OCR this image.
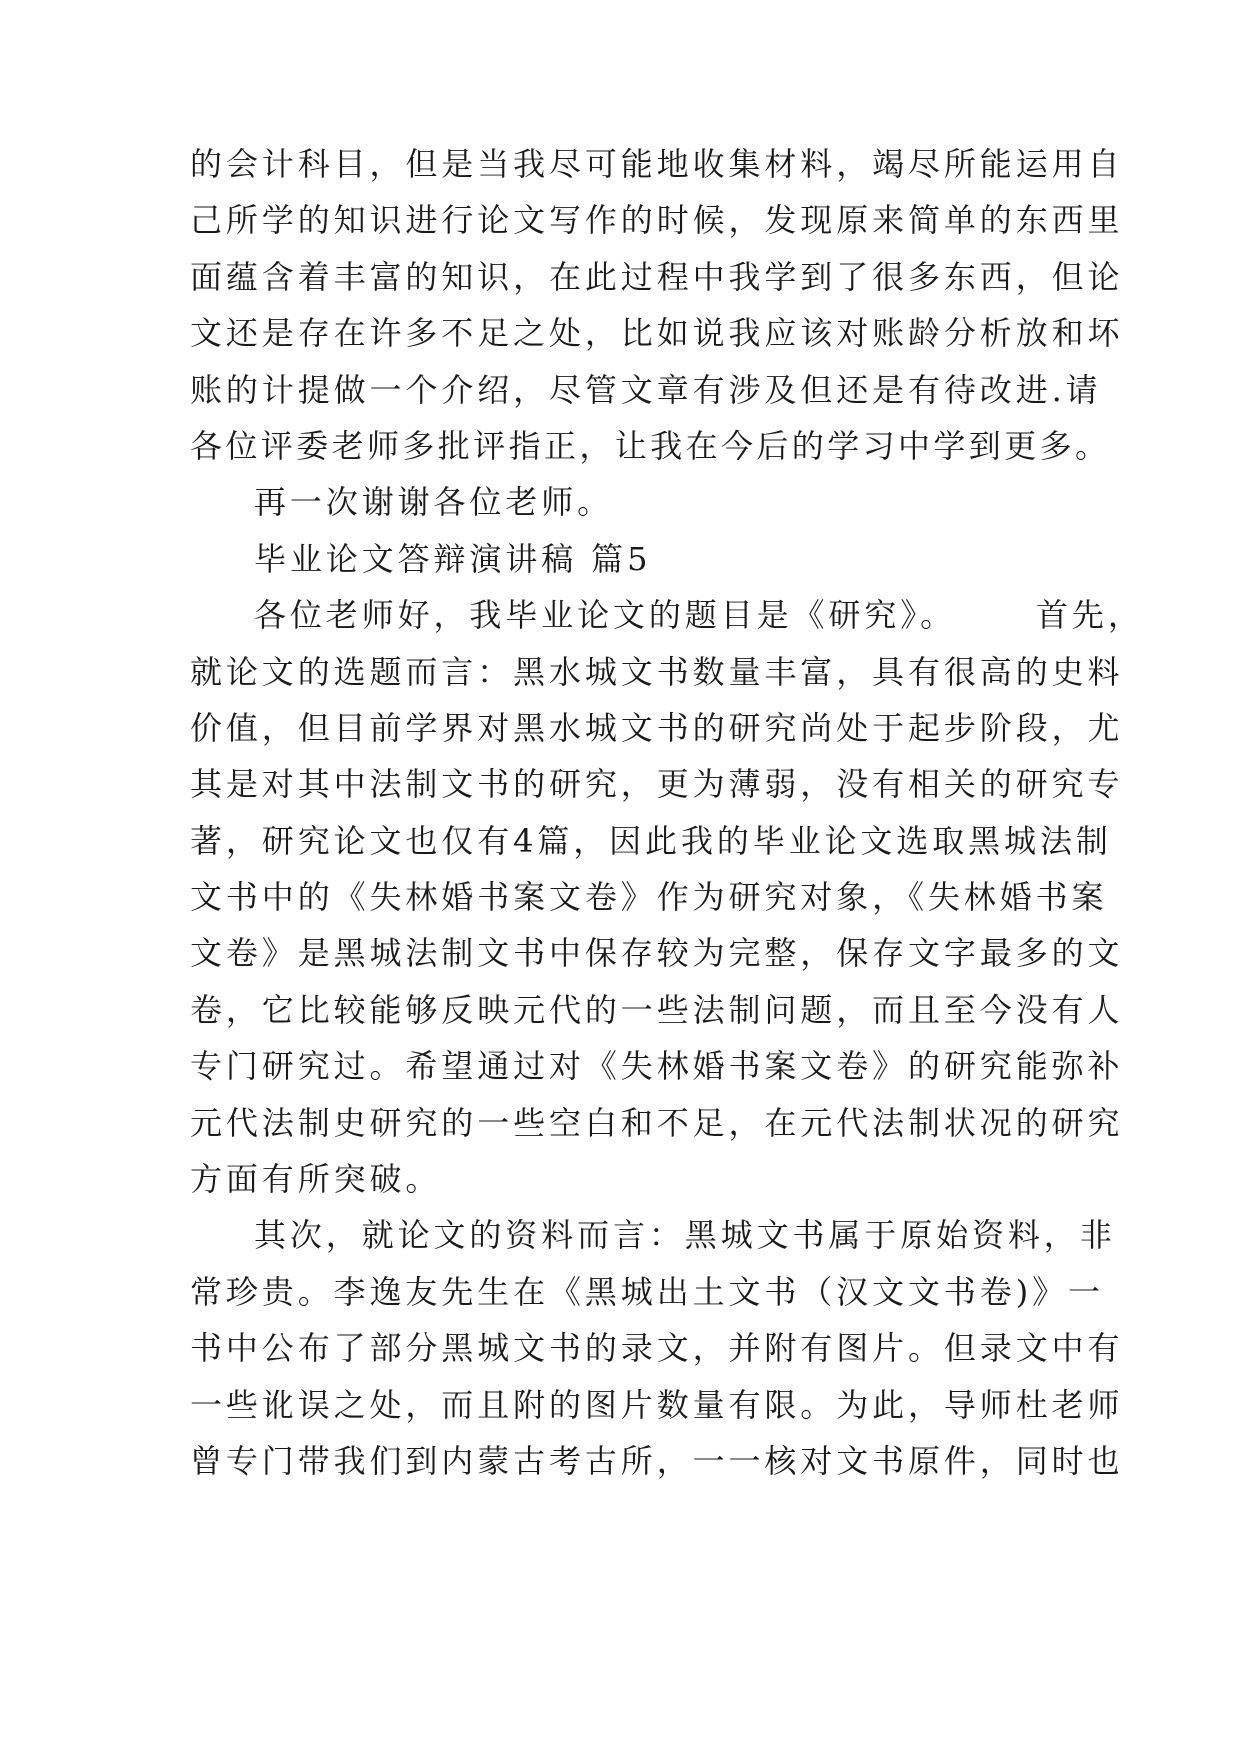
的会计科目，但是当我尽可能地收集材料，竭尽所能运用自
己所学的知识进行论文写作的时候，发现原来简单的东西里
面蕴含着丰富的知识，在此过程中我学到了很多东西，但论
文还是存在许多不足之处，比如说我应该对账龄分析放和坏
账的计提做一个介绍，尽管文章有涉及但还是有待改进.请
各位评委老师多批评指正，让我在今后的学习中学到更多。
再一次谢谢各位老师。
毕业论文答辩演讲稿 篇5
各位老师好，我毕业论文的题目是《研究》。	首先，
就论文的选题而言：黑水城文书数量丰富，具有很高的史料
价值，但目前学界对黑水城文书的研究尚处于起步阶段，尤
其是对其中法制文书的研究，更为薄弱，没有相关的研究专
著，研究论文也仅有4篇，因此我的毕业论文选取黑城法制
文书中的《失林婚书案文卷》作为研究对象，《失林婚书案
文卷》是黑城法制文书中保存较为完整，保存文字最多的文
卷，它比较能够反映元代的一些法制问题，而且至今没有人
专门研究过。希望通过对《失林婚书案文卷》的研究能弥补
元代法制史研究的一些空白和不足，在元代法制状况的研究
方面有所突破。
其次，就论文的资料而言：黑城文书属于原始资料，非
常珍贵。李逸友先生在《黑城出土文书（汉文文书卷)》一
书中公布了部分黑城文书的录文，并附有图片。但录文中有
一些讹误之处，而且附的图片数量有限。为此，导师杜老师
曾专门带我们到内蒙古考古所，一一核对文书原件，同时也
